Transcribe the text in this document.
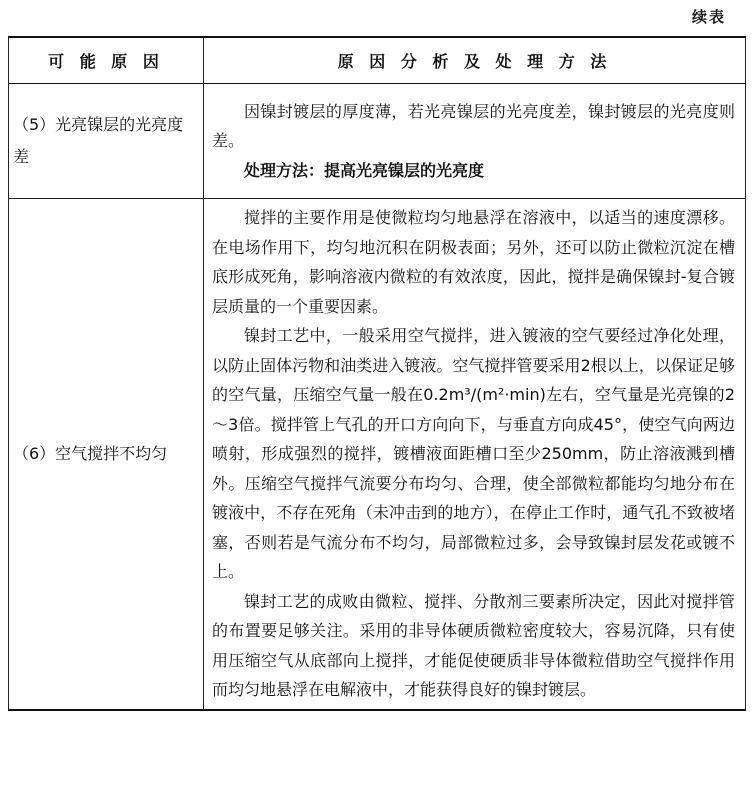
续表
可 能 原 因	原 因 分 析 及 处 理 方 法
（5）光亮镍层的光亮度差	因镍封镀层的厚度薄，若光亮镍层的光亮度差，镍封镀层的光亮度则差。

处理方法：提高光亮镍层的光亮度

（6）空气搅拌不均匀	搅拌的主要作用是使微粒均匀地悬浮在溶液中，以适当的速度漂移。在电场作用下，均匀地沉积在阴极表面；另外，还可以防止微粒沉淀在槽底形成死角，影响溶液内微粒的有效浓度，因此，搅拌是确保镍封-复合镀层质量的一个重要因素。

镍封工艺中，一般采用空气搅拌，进入镀液的空气要经过净化处理，以防止固体污物和油类进入镀液。空气搅拌管要采用2根以上，以保证足够的空气量，压缩空气量一般在0.2m³/(m²·min)左右，空气量是光亮镍的2～3倍。搅拌管上气孔的开口方向向下，与垂直方向成45°，使空气向两边喷射，形成强烈的搅拌，镀槽液面距槽口至少250mm，防止溶液溅到槽外。压缩空气搅拌气流要分布均匀、合理，使全部微粒都能均匀地分布在镀液中，不存在死角（未冲击到的地方），在停止工作时，通气孔不致被堵塞，否则若是气流分布不均匀，局部微粒过多，会导致镍封层发花或镀不上。

镍封工艺的成败由微粒、搅拌、分散剂三要素所决定，因此对搅拌管的布置要足够关注。采用的非导体硬质微粒密度较大，容易沉降，只有使用压缩空气从底部向上搅拌，才能促使硬质非导体微粒借助空气搅拌作用而均匀地悬浮在电解液中，才能获得良好的镍封镀层。
